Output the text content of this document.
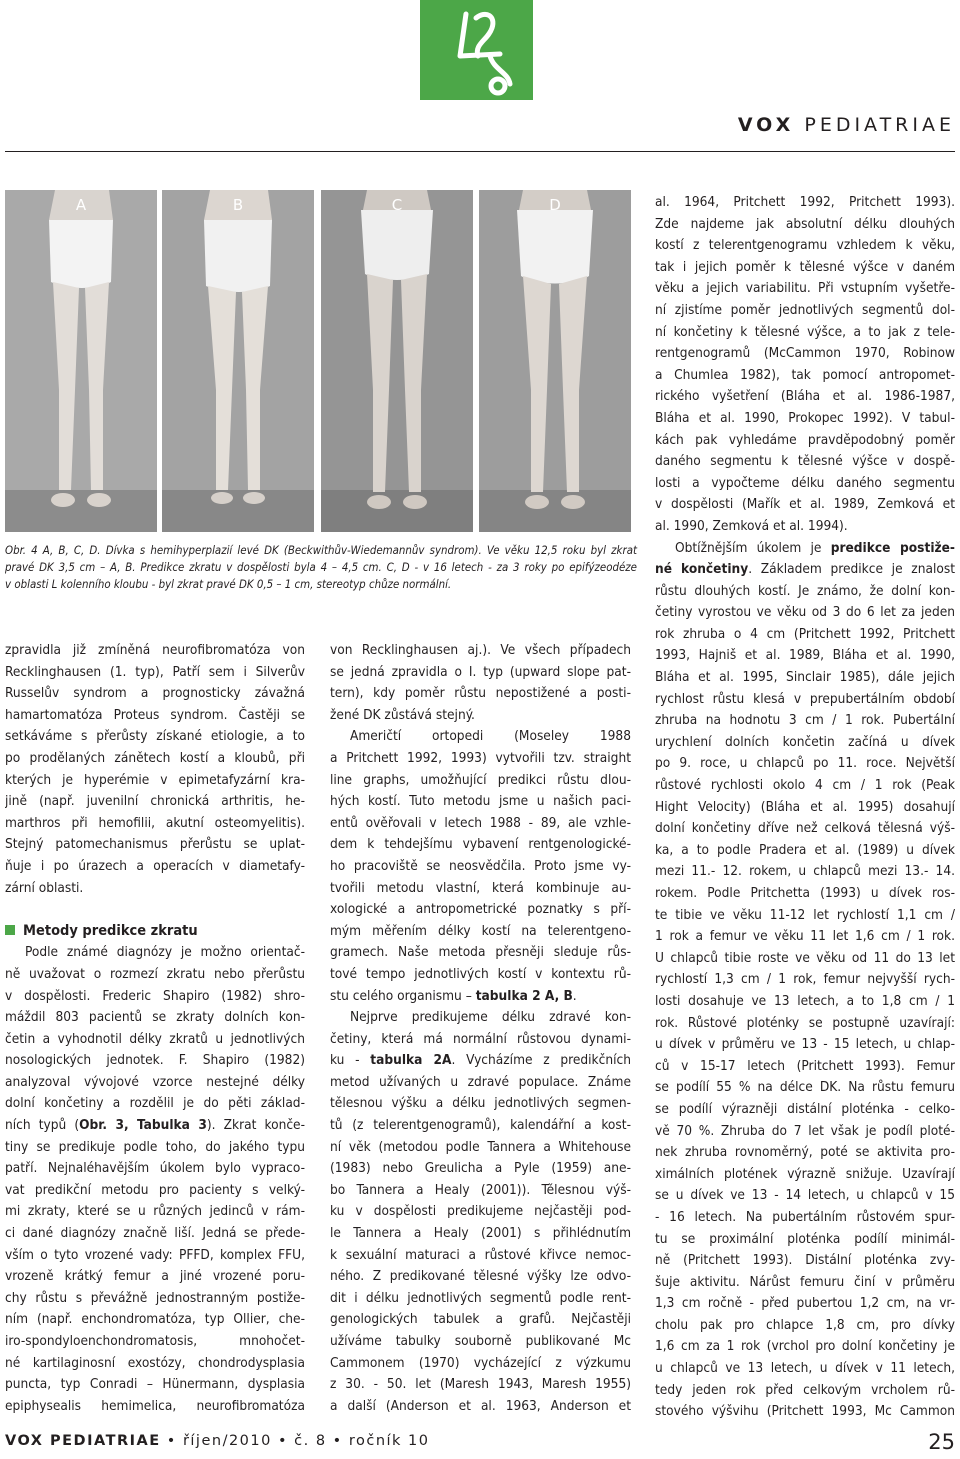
VOX PEDIATRIAE
A	B	C	D
Obr. 4 A, B, C, D. Dívka s hemihyperplazií levé DK (Beckwithův-Wiedemannův syndrom). Ve věku 12,5 roku byl zkrat
pravé DK 3,5 cm – A, B. Predikce zkratu v dospělosti byla 4 – 4,5 cm. C, D - v 16 letech - za 3 roky po epifýzeodéze
v oblasti L kolenního kloubu - byl zkrat pravé DK 0,5 – 1 cm, stereotyp chůze normální.
zpravidla již zmíněná neurofibromatóza von
Recklinghausen (1. typ), Patří sem i Silverův
Russelův syndrom a prognosticky závažná
hamartomatóza Proteus syndrom. Častěji se
setkáváme s přerůsty získané etiologie, a to
po prodělaných zánětech kostí a kloubů, při
kterých je hyperémie v epimetafyzární kra-
jině (např. juvenilní chronická arthritis, he-
marthros při hemofilii, akutní osteomyelitis).
Stejný patomechanismus přerůstu se uplat-
ňuje i po úrazech a operacích v diametafy-
zární oblasti.
Metody predikce zkratu
Podle známé diagnózy je možno orientač-
ně uvažovat o rozmezí zkratu nebo přerůstu
v dospělosti. Frederic Shapiro (1982) shro-
máždil 803 pacientů se zkraty dolních kon-
četin a vyhodnotil délky zkratů u jednotlivých
nosologických jednotek. F. Shapiro (1982)
analyzoval vývojové vzorce nestejné délky
dolní končetiny a rozdělil je do pěti základ-
ních typů (Obr. 3, Tabulka 3). Zkrat konče-
tiny se predikuje podle toho, do jakého typu
patří. Nejnaléhavějším úkolem bylo vypraco-
vat predikční metodu pro pacienty s velký-
mi zkraty, které se u různých jedinců v rám-
ci dané diagnózy značně liší. Jedná se přede-
vším o tyto vrozené vady: PFFD, komplex FFU,
vrozeně krátký femur a jiné vrozené poru-
chy růstu s převážně jednostranným postiže-
ním (např. enchondromatóza, typ Ollier, che-
iro-spondyloenchondromatosis, mnohočet-
né kartilaginosní exostózy, chondrodysplasia
puncta, typ Conradi – Hünermann, dysplasia
epiphysealis hemimelica, neurofibromatóza
von Recklinghausen aj.). Ve všech případech
se jedná zpravidla o I. typ (upward slope pat-
tern), kdy poměr růstu nepostižené a posti-
žené DK zůstává stejný.
Američtí ortopedi (Moseley 1988
a Pritchett 1992, 1993) vytvořili tzv. straight
line graphs, umožňující predikci růstu dlou-
hých kostí. Tuto metodu jsme u našich paci-
entů ověřovali v letech 1988 - 89, ale vzhle-
dem k tehdejšímu vybavení rentgenologické-
ho pracoviště se neosvědčila. Proto jsme vy-
tvořili metodu vlastní, která kombinuje au-
xologické a antropometrické poznatky s pří-
mým měřením délky kostí na telerentgeno-
gramech. Naše metoda přesněji sleduje růs-
tové tempo jednotlivých kostí v kontextu rů-
stu celého organismu – tabulka 2 A, B.
Nejprve predikujeme délku zdravé kon-
četiny, která má normální růstovou dynami-
ku - tabulka 2A. Vycházíme z predikčních
metod užívaných u zdravé populace. Známe
tělesnou výšku a délku jednotlivých segmen-
tů (z telerentgenogramů), kalendářní a kost-
ní věk (metodou podle Tannera a Whitehouse
(1983) nebo Greulicha a Pyle (1959) ane-
bo Tannera a Healy (2001)). Tělesnou výš-
ku v dospělosti predikujeme nejčastěji pod-
le Tannera a Healy (2001) s přihlédnutím
k sexuální maturaci a růstové křivce nemoc-
ného. Z predikované tělesné výšky lze odvo-
dit i délku jednotlivých segmentů podle rent-
genologických tabulek a grafů. Nejčastěji
užíváme tabulky souborně publikované Mc
Cammonem (1970) vycházející z výzkumu
z 30. - 50. let (Maresh 1943, Maresh 1955)
a další (Anderson et al. 1963, Anderson et
al. 1964, Pritchett 1992, Pritchett 1993).
Zde najdeme jak absolutní délku dlouhých
kostí z telerentgenogramu vzhledem k věku,
tak i jejich poměr k tělesné výšce v daném
věku a jejich variabilitu. Při vstupním vyšetře-
ní zjistíme poměr jednotlivých segmentů dol-
ní končetiny k tělesné výšce, a to jak z tele-
rentgenogramů (McCammon 1970, Robinow
a Chumlea 1982), tak pomocí antropomet-
rického vyšetření (Bláha et al. 1986-1987,
Bláha et al. 1990, Prokopec 1992). V tabul-
kách pak vyhledáme pravděpodobný poměr
daného segmentu k tělesné výšce v dospě-
losti a vypočteme délku daného segmentu
v dospělosti (Mařík et al. 1989, Zemková et
al. 1990, Zemková et al. 1994).
Obtížnějším úkolem je predikce postiže-
né končetiny. Základem predikce je znalost
růstu dlouhých kostí. Je známo, že dolní kon-
četiny vyrostou ve věku od 3 do 6 let za jeden
rok zhruba o 4 cm (Pritchett 1992, Pritchett
1993, Hajniš et al. 1989, Bláha et al. 1990,
Bláha et al. 1995, Sinclair 1985), dále jejich
rychlost růstu klesá v prepubertálním období
zhruba na hodnotu 3 cm / 1 rok. Pubertální
urychlení dolních končetin začíná u dívek
po 9. roce, u chlapců po 11. roce. Největší
růstové rychlosti okolo 4 cm / 1 rok (Peak
Hight Velocity) (Bláha et al. 1995) dosahují
dolní končetiny dříve než celková tělesná výš-
ka, a to podle Pradera et al. (1989) u dívek
mezi 11.- 12. rokem, u chlapců mezi 13.- 14.
rokem. Podle Pritchetta (1993) u dívek ros-
te tibie ve věku 11-12 let rychlostí 1,1 cm /
1 rok a femur ve věku 11 let 1,6 cm / 1 rok.
U chlapců tibie roste ve věku od 11 do 13 let
rychlostí 1,3 cm / 1 rok, femur nejvyšší rych-
losti dosahuje ve 13 letech, a to 1,8 cm / 1
rok. Růstové ploténky se postupně uzavírají:
u dívek v průměru ve 13 - 15 letech, u chlap-
ců v 15-17 letech (Pritchett 1993). Femur
se podílí 55 % na délce DK. Na růstu femuru
se podílí výrazněji distální ploténka - celko-
vě 70 %. Zhruba do 7 let však je podíl ploté-
nek zhruba rovnoměrný, poté se aktivita pro-
ximálních plotének výrazně snižuje. Uzavírají
se u dívek ve 13 - 14 letech, u chlapců v 15
- 16 letech. Na pubertálním růstovém spur-
tu se proximální ploténka podílí minimál-
ně (Pritchett 1993). Distální ploténka zvy-
šuje aktivitu. Nárůst femuru činí v průměru
1,3 cm ročně - před pubertou 1,2 cm, na vr-
cholu pak pro chlapce 1,8 cm, pro dívky
1,6 cm za 1 rok (vrchol pro dolní končetiny je
u chlapců ve 13 letech, u dívek v 11 letech,
tedy jeden rok před celkovým vrcholem rů-
stového výšvihu (Pritchett 1993, Mc Cammon
VOX PEDIATRIAE • říjen/2010 • č. 8 • ročník 10	25
